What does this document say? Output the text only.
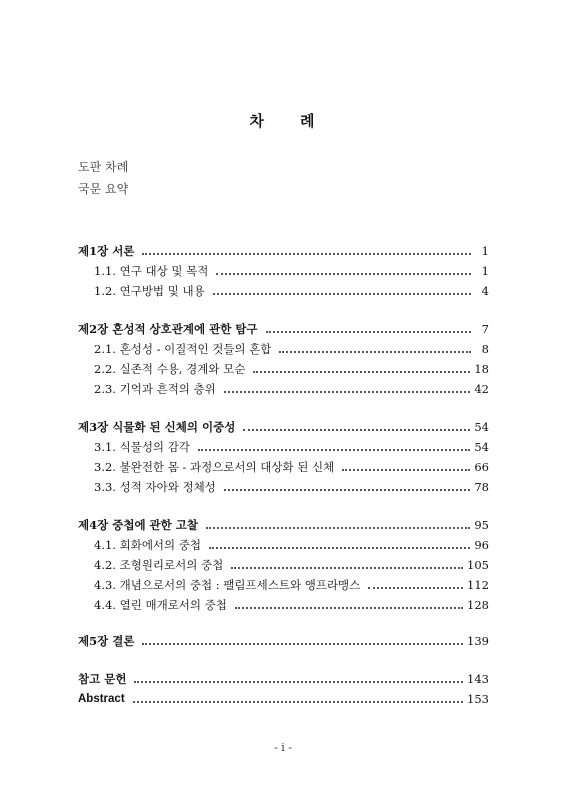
차 례
도판 차례
국문 요약
제1장 서론	1
1.1. 연구 대상 및 목적	1
1.2. 연구방법 및 내용	4
제2장 혼성적 상호관계에 관한 탐구	7
2.1. 혼성성 - 이질적인 것들의 혼합	8
2.2. 실존적 수용, 경계와 모순	18
2.3. 기억과 흔적의 층위	42
제3장 식물화 된 신체의 이중성	54
3.1. 식물성의 감각	54
3.2. 불완전한 몸 - 과정으로서의 대상화 된 신체	66
3.3. 성적 자아와 정체성	78
제4장 중첩에 관한 고찰	95
4.1. 회화에서의 중첩	96
4.2. 조형원리로서의 중첩	105
4.3. 개념으로서의 중첩 : 팰림프세스트와 앵프라맹스	112
4.4. 열린 매개로서의 중첩	128
제5장 결론	139
참고 문헌	143
Abstract	153
- i -
